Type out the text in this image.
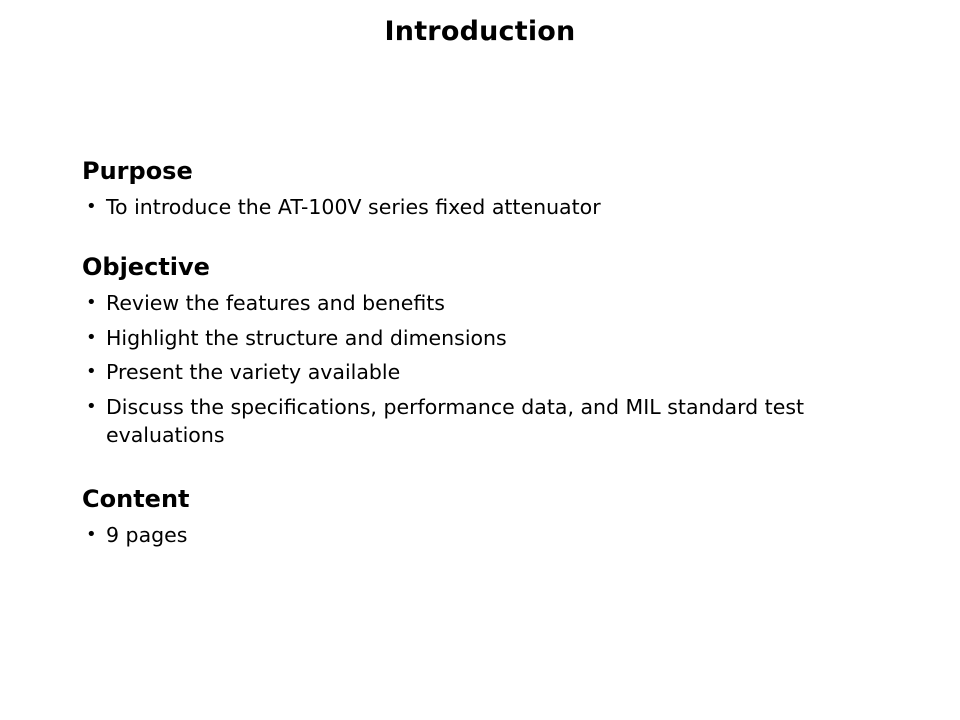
Introduction
Purpose
• To introduce the AT-100V series fixed attenuator
Objective
• Review the features and benefits
• Highlight the structure and dimensions
• Present the variety available
• Discuss the specifications, performance data, and MIL standard test evaluations
Content
• 9 pages
